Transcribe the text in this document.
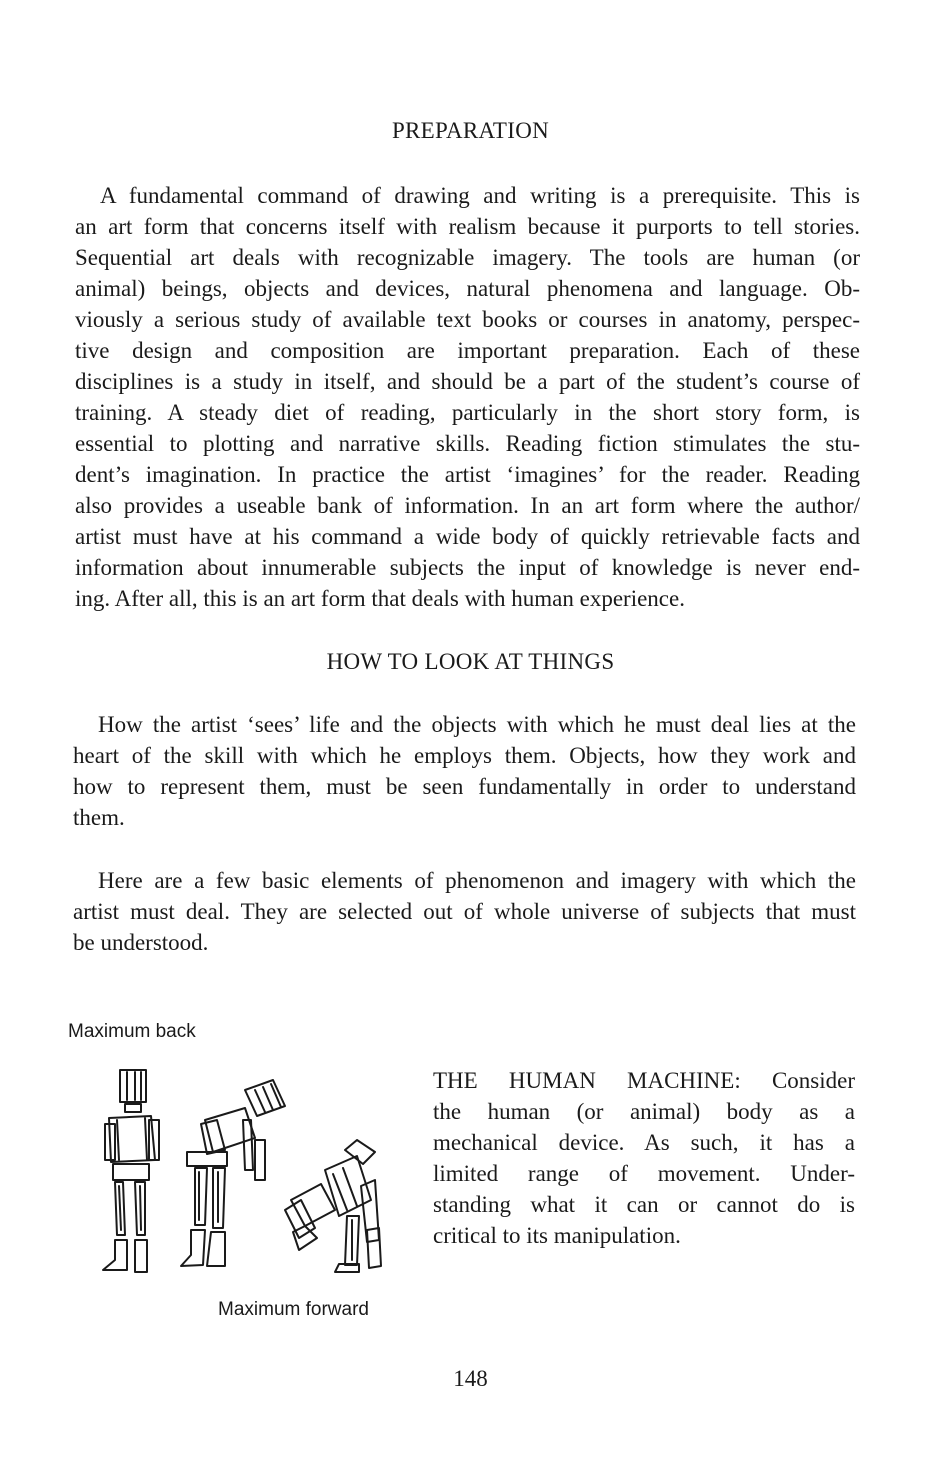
PREPARATION
A fundamental command of drawing and writing is a prerequisite. This is
an art form that concerns itself with realism because it purports to tell stories.
Sequential art deals with recognizable imagery. The tools are human (or
animal) beings, objects and devices, natural phenomena and language. Ob-
viously a serious study of available text books or courses in anatomy, perspec-
tive design and composition are important preparation. Each of these
disciplines is a study in itself, and should be a part of the student’s course of
training. A steady diet of reading, particularly in the short story form, is
essential to plotting and narrative skills. Reading fiction stimulates the stu-
dent’s imagination. In practice the artist ‘imagines’ for the reader. Reading
also provides a useable bank of information. In an art form where the author/
artist must have at his command a wide body of quickly retrievable facts and
information about innumerable subjects the input of knowledge is never end-
ing. After all, this is an art form that deals with human experience.
HOW TO LOOK AT THINGS
How the artist ‘sees’ life and the objects with which he must deal lies at the
heart of the skill with which he employs them. Objects, how they work and
how to represent them, must be seen fundamentally in order to understand
them.
Here are a few basic elements of phenomenon and imagery with which the
artist must deal. They are selected out of whole universe of subjects that must
be understood.
Maximum back
THE HUMAN MACHINE: Consider
the human (or animal) body as a
mechanical device. As such, it has a
limited range of movement. Under-
standing what it can or cannot do is
critical to its manipulation.
Maximum forward
148
